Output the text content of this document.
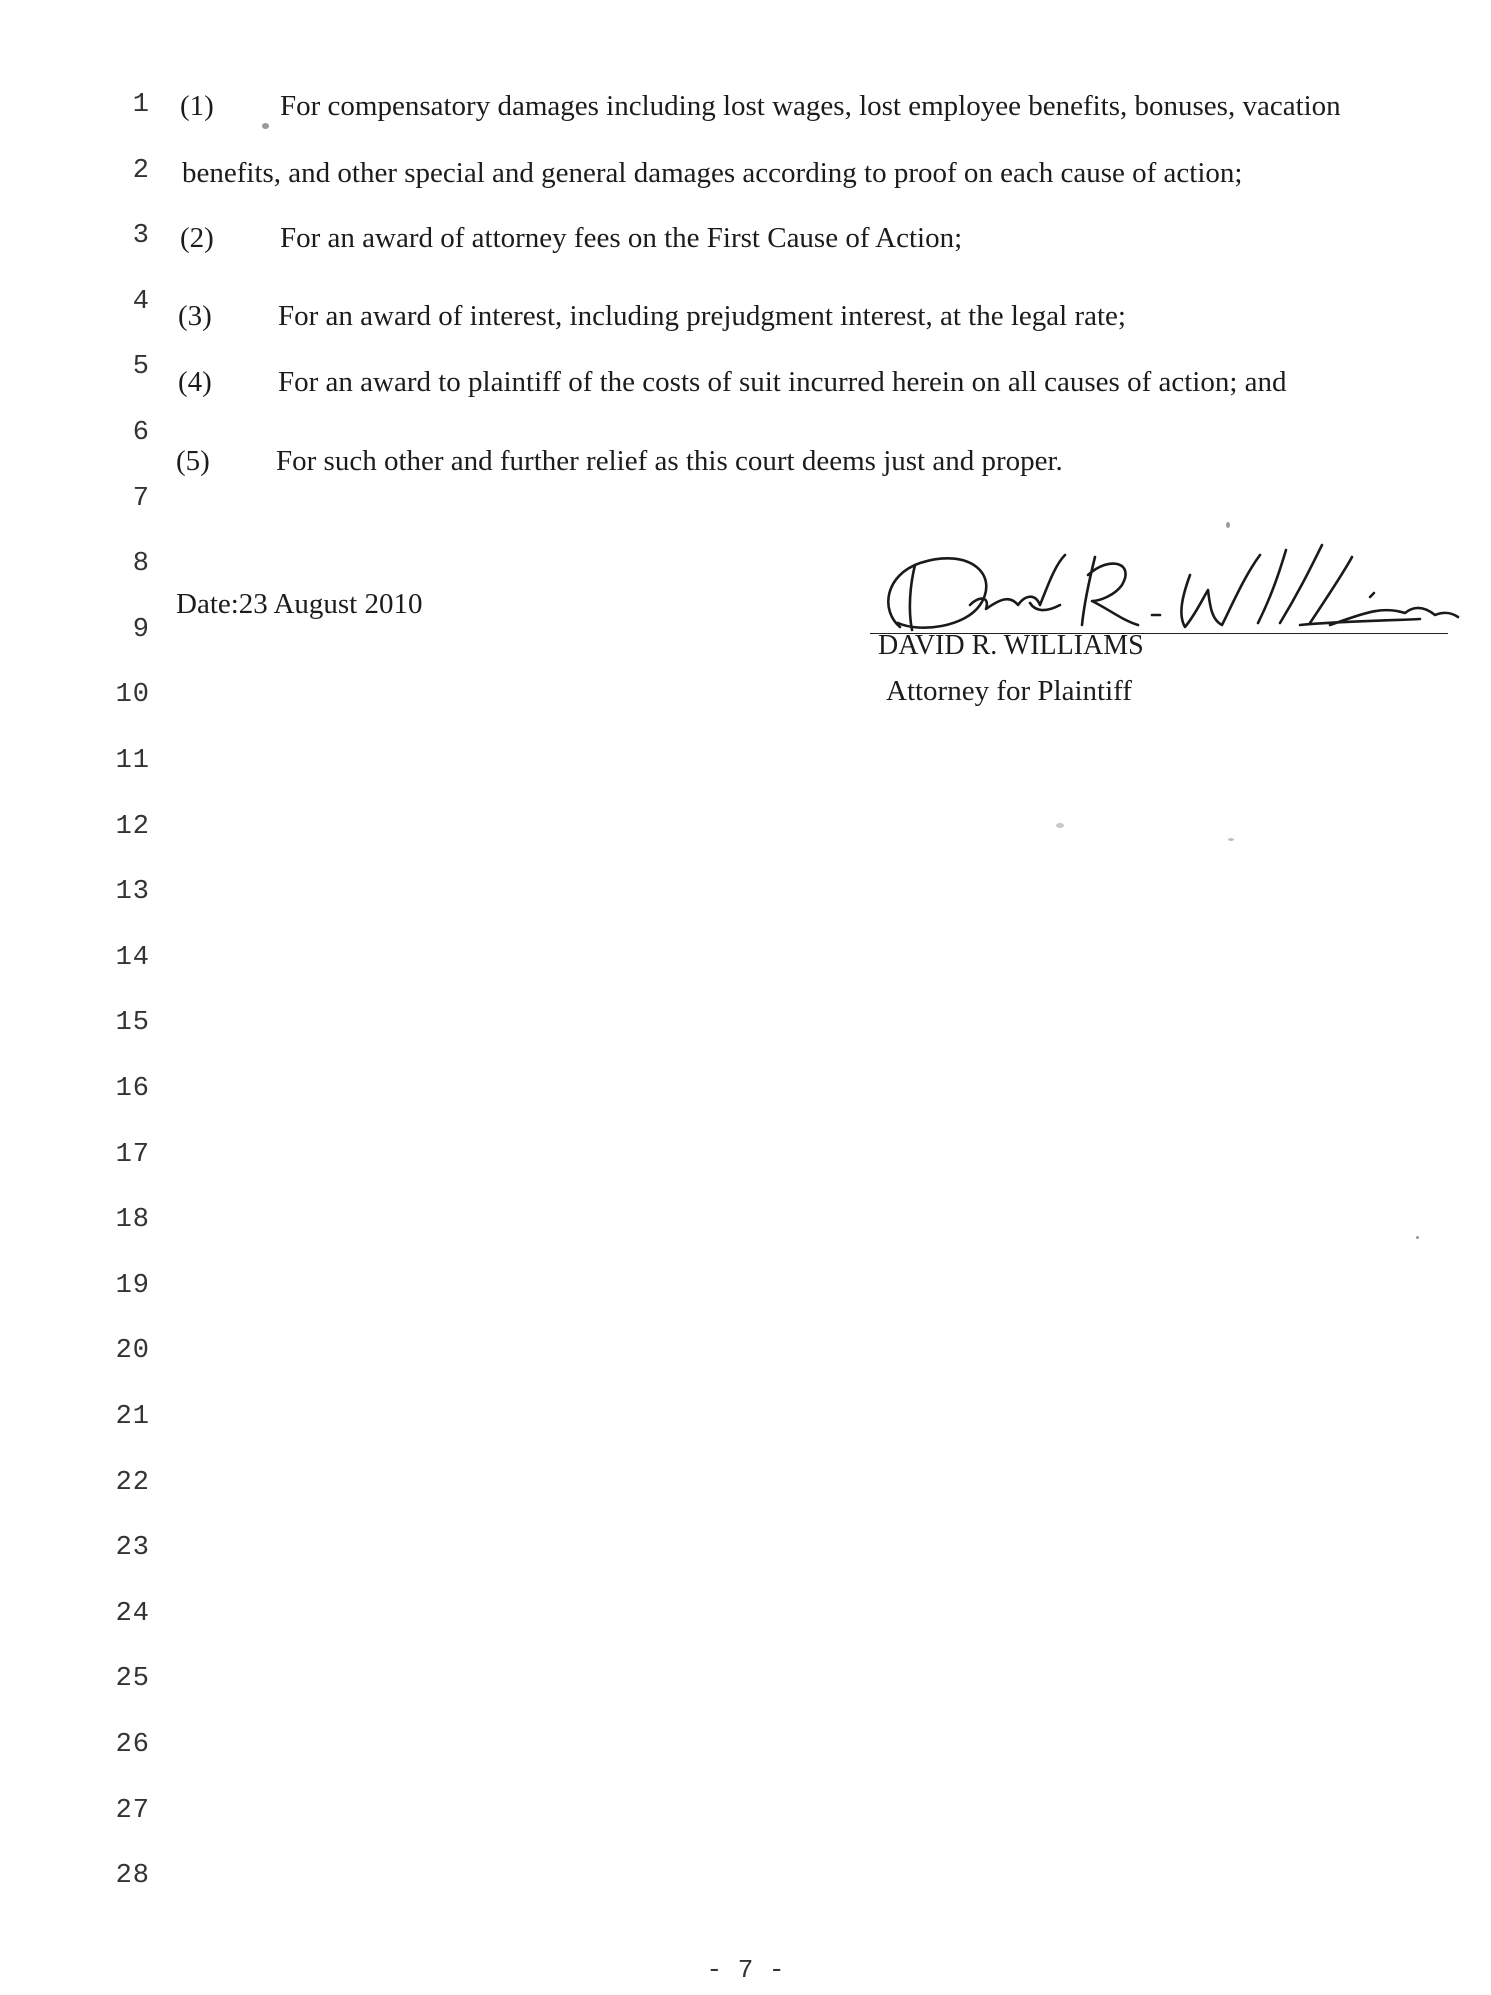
1
2
3
4
5
6
7
8
9
10
11
12
13
14
15
16
17
18
19
20
21
22
23
24
25
26
27
28
(1) For compensatory damages including lost wages, lost employee benefits, bonuses, vacation
benefits, and other special and general damages according to proof on each cause of action;
(2) For an award of attorney fees on the First Cause of Action;
(3) For an award of interest, including prejudgment interest, at the legal rate;
(4) For an award to plaintiff of the costs of suit incurred herein on all causes of action; and
(5) For such other and further relief as this court deems just and proper.
Date:23 August 2010
DAVID R. WILLIAMS
Attorney for Plaintiff
- 7 -
